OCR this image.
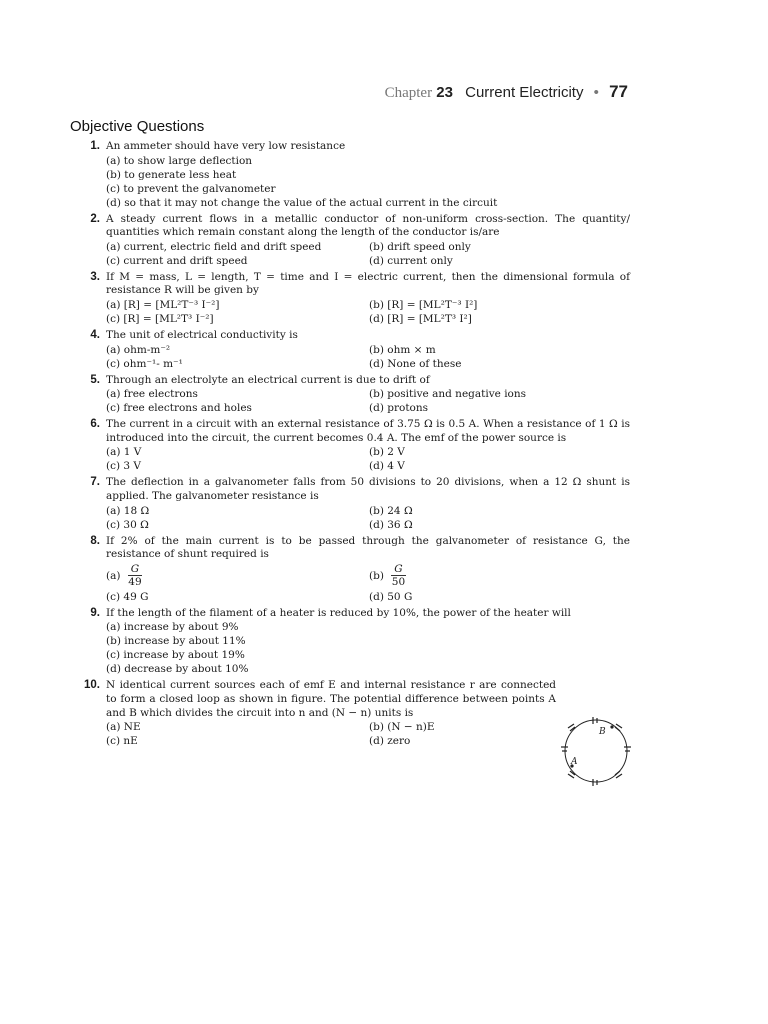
Chapter 23 Current Electricity • 77
Objective Questions
1. An ammeter should have very low resistance
(a) to show large deflection
(b) to generate less heat
(c) to prevent the galvanometer
(d) so that it may not change the value of the actual current in the circuit
2. A steady current flows in a metallic conductor of non-uniform cross-section. The quantity/ quantities which remain constant along the length of the conductor is/are
(a) current, electric field and drift speed	(b) drift speed only
(c) current and drift speed	(d) current only
3. If M = mass, L = length, T = time and I = electric current, then the dimensional formula of resistance R will be given by
(a) [R] = [ML²T⁻³ I⁻²]	(b) [R] = [ML²T⁻³ I²]
(c) [R] = [ML²T³ I⁻²]	(d) [R] = [ML²T³ I²]
4. The unit of electrical conductivity is
(a) ohm-m⁻²	(b) ohm × m
(c) ohm⁻¹- m⁻¹	(d) None of these
5. Through an electrolyte an electrical current is due to drift of
(a) free electrons	(b) positive and negative ions
(c) free electrons and holes	(d) protons
6. The current in a circuit with an external resistance of 3.75 Ω is 0.5 A. When a resistance of 1 Ω is introduced into the circuit, the current becomes 0.4 A. The emf of the power source is
(a) 1 V	(b) 2 V
(c) 3 V	(d) 4 V
7. The deflection in a galvanometer falls from 50 divisions to 20 divisions, when a 12 Ω shunt is applied. The galvanometer resistance is
(a) 18 Ω	(b) 24 Ω
(c) 30 Ω	(d) 36 Ω
8. If 2% of the main current is to be passed through the galvanometer of resistance G, the resistance of shunt required is
$(a) \frac{G}{49}$	$(b) \frac{G}{50}$
(c) 49 G	(d) 50 G
9. If the length of the filament of a heater is reduced by 10%, the power of the heater will
(a) increase by about 9%
(b) increase by about 11%
(c) increase by about 19%
(d) decrease by about 10%
10. N identical current sources each of emf E and internal resistance r are connected to form a closed loop as shown in figure. The potential difference between points A and B which divides the circuit into n and (N − n) units is
(a) NE	(b) (N − n)E
(c) nE	(d) zero
B
A
